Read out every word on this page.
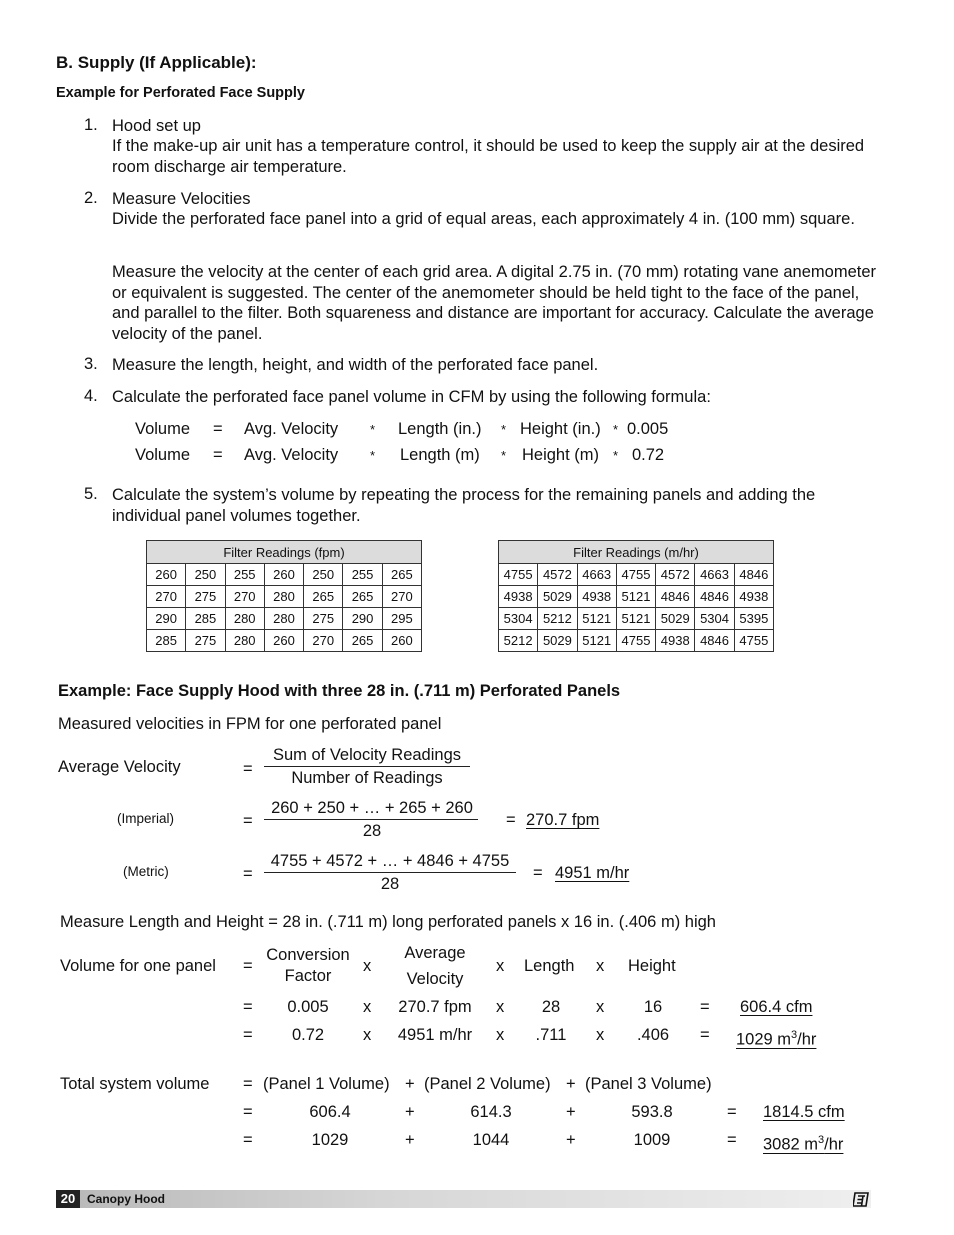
B. Supply (If Applicable):
Example for Perforated Face Supply
1. Hood set up
If the make-up air unit has a temperature control, it should be used to keep the supply air at the desired room discharge air temperature.
2. Measure Velocities
Divide the perforated face panel into a grid of equal areas, each approximately 4 in. (100 mm) square.
Measure the velocity at the center of each grid area. A digital 2.75 in. (70 mm) rotating vane anemometer or equivalent is suggested. The center of the anemometer should be held tight to the face of the panel, and parallel to the filter. Both squareness and distance are important for accuracy. Calculate the average velocity of the panel.
3. Measure the length, height, and width of the perforated face panel.
4. Calculate the perforated face panel volume in CFM by using the following formula:
Volume = Avg. Velocity * Length (in.) * Height (in.) * 0.005
Volume = Avg. Velocity * Length (m) * Height (m) * 0.72
5. Calculate the system’s volume by repeating the process for the remaining panels and adding the individual panel volumes together.
Filter Readings (fpm)						
260	250	255	260	250	255	265
270	275	270	280	265	265	270
290	285	280	280	275	290	295
285	275	280	260	270	265	260
Filter Readings (m/hr)						
4755	4572	4663	4755	4572	4663	4846
4938	5029	4938	5121	4846	4846	4938
5304	5212	5121	5121	5029	5304	5395
5212	5029	5121	4755	4938	4846	4755
Example: Face Supply Hood with three 28 in. (.711 m) Perforated Panels
Measured velocities in FPM for one perforated panel
Average Velocity	=
Sum of Velocity Readings
Number of Readings
(Imperial)	=
260 + 250 + … + 265 + 260
28
= 270.7 fpm
(Metric)	=
4755 + 4572 + … + 4846 + 4755
28
= 4951 m/hr
Measure Length and Height = 28 in. (.711 m) long perforated panels x 16 in. (.406 m) high
Volume for one panel =
Conversion
Factor
x
Average
Velocity
x Length x Height
=	0.005	x	270.7 fpm	x	28	x	16	= 606.4 cfm
=	0.72	x	4951 m/hr	x	.711	x	.406	= 1029 $m^3/hr$
Total system volume = (Panel 1 Volume) + (Panel 2 Volume) + (Panel 3 Volume)
=	606.4	+	614.3	+	593.8	= 1814.5 cfm
=	1029	+	1044	+	1009	= 3082 $m^3/hr$
20 Canopy Hood
